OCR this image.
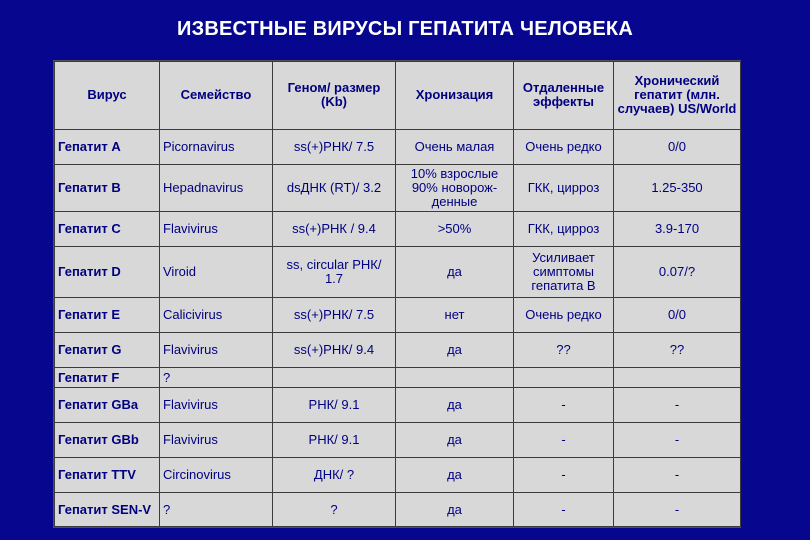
ИЗВЕСТНЫЕ ВИРУСЫ ГЕПАТИТА ЧЕЛОВЕКА
Вирус	Семейство	Геном/ размер (Kb)	Хронизация	Отдаленные эффекты	Хронический гепатит (млн. случаев) US/World
Гепатит A	Picornavirus	ss(+)РНК/ 7.5	Очень малая	Очень редко	0/0
Гепатит B	Hepadnavirus	dsДНК (RT)/ 3.2	10% взрослые 90% новорож-денные	ГКК, цирроз	1.25-350
Гепатит C	Flavivirus	ss(+)РНК / 9.4	>50%	ГКК, цирроз	3.9-170
Гепатит D	Viroid	ss, circular РНК/ 1.7	да	Усиливает симптомы гепатита B	0.07/?
Гепатит E	Calicivirus	ss(+)РНК/ 7.5	нет	Очень редко	0/0
Гепатит G	Flavivirus	ss(+)РНК/ 9.4	да	??	??
Гепатит F	?				
Гепатит GBa	Flavivirus	РНК/ 9.1	да	-	-
Гепатит GBb	Flavivirus	РНК/ 9.1	да	-	-
Гепатит TTV	Circinovirus	ДНК/ ?	да	-	-
Гепатит SEN-V	?	?	да	-	-
